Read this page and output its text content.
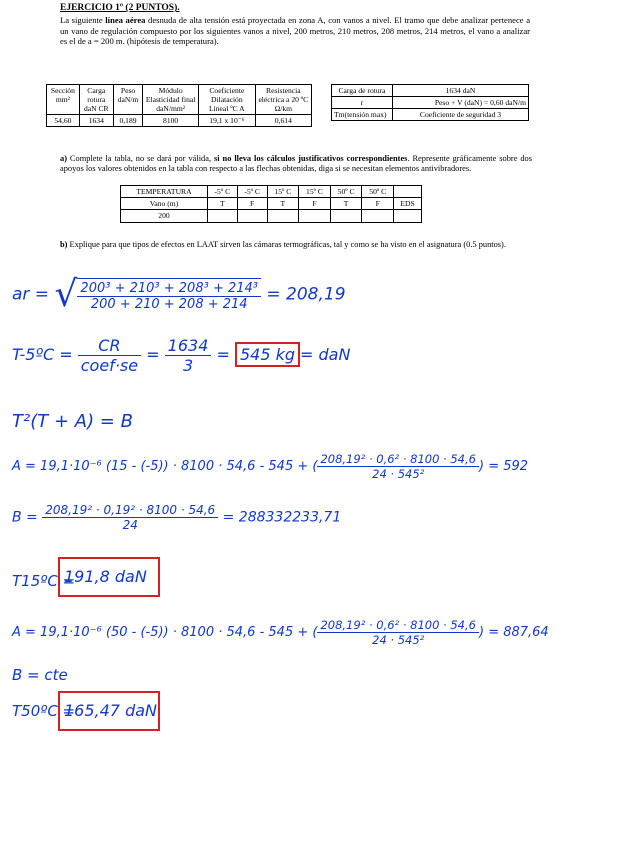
EJERCICIO 1º (2 PUNTOS).
La siguiente línea aérea desnuda de alta tensión está proyectada en zona A, con vanos a nivel. El tramo que debe analizar pertenece a un vano de regulación compuesto por los siguientes vanos a nivel, 200 metros, 210 metros, 208 metros, 214 metros, el vano a analizar es el de a = 200 m. (hipótesis de temperatura).
Sección mm²	Carga rotura daN CR	Peso daN/m	Módulo Elasticidad final daN/mm²	Coeficiente Dilatación Lineal ºC A	Resistencia eléctrica a 20 ºC Ω/km
54,60	1634	0,189	8100	19,1 x 10⁻⁶	0,614
Carga de rotura	1634 daN
r	Peso + V (daN) = 0,60 daN/m
Tm(tensión max)	Coeficiente de seguridad 3
a) Complete la tabla, no se dará por válida, si no lleva los cálculos justificativos correspondientes. Represente gráficamente sobre dos apoyos los valores obtenidos en la tabla con respecto a las flechas obtenidas, diga si se necesitan elementos antivibradores.
TEMPERATURA	-5º C	-5º C	15º C	15º C	50º C	50º C	
Vano (m)	T	F	T	F	T	F	EDS
200							
b) Explique para que tipos de efectos en LAAT sirven las cámaras termográficas, tal y como se ha visto en el asignatura (0.5 puntos).
ar = √ $\frac{\text{200³ + 210³ + 208³ + 214³}}{200 + 210 + 208 + 214} = 208,19$
T-5ºC = $\frac{CR}{\text{coef·se}} = \frac{1634}{3} = 545$ kg = daN
T²(T + A) = B
A = 19,1·10⁻⁶ (15 - (-5)) · 8100 · 54,6 - 545 + ( $\frac{\text{208,19² · 0,6² · 8100 · 54,6}}{\text{24 · 545²}}$ ) = 592
$B = \frac{\text{208,19² · 0,19² · 8100 · 54,6}}{24} = 288332233,71$
T15ºC =
191,8 daN
A = 19,1·10⁻⁶ (50 - (-5)) · 8100 · 54,6 - 545 + ( $\frac{\text{208,19² · 0,6² · 8100 · 54,6}}{\text{24 · 545²}}$ ) = 887,64
B = cte
T50ºC =
165,47 daN
